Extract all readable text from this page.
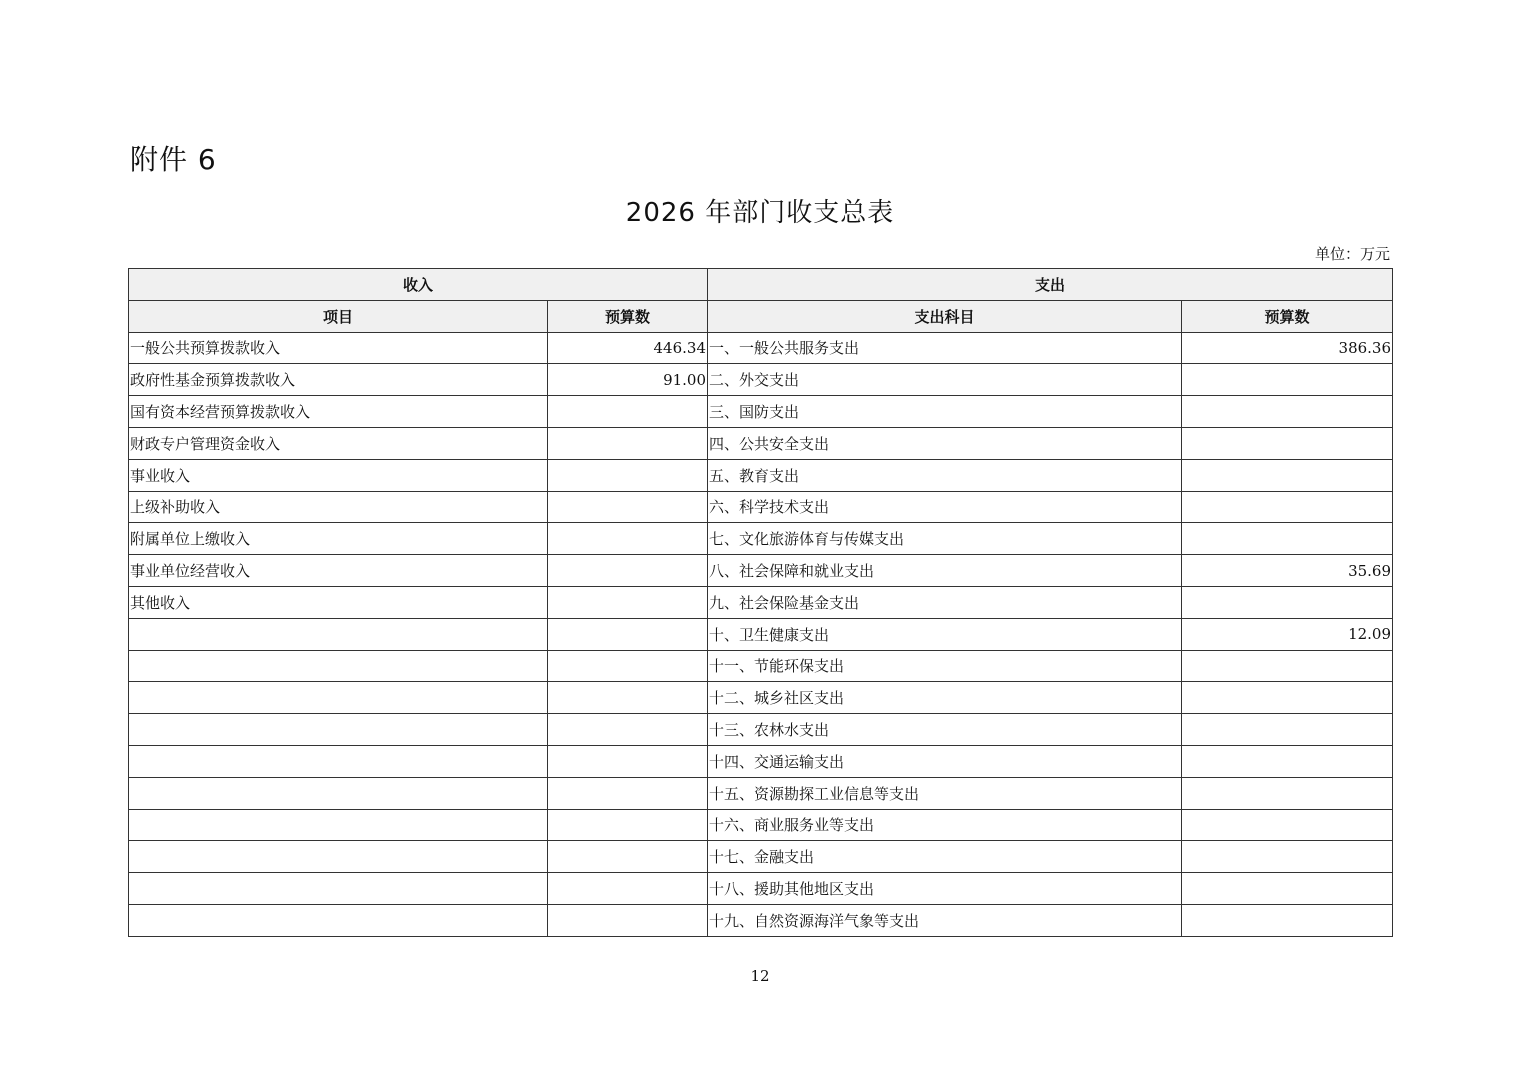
附件 6
2026 年部门收支总表
单位：万元
收入		支出	
项目	预算数	支出科目	预算数
一般公共预算拨款收入	446.34	一、一般公共服务支出	386.36
政府性基金预算拨款收入	91.00	二、外交支出	
国有资本经营预算拨款收入		三、国防支出	
财政专户管理资金收入		四、公共安全支出	
事业收入		五、教育支出	
上级补助收入		六、科学技术支出	
附属单位上缴收入		七、文化旅游体育与传媒支出	
事业单位经营收入		八、社会保障和就业支出	35.69
其他收入		九、社会保险基金支出	
		十、卫生健康支出	12.09
		十一、节能环保支出	
		十二、城乡社区支出	
		十三、农林水支出	
		十四、交通运输支出	
		十五、资源勘探工业信息等支出	
		十六、商业服务业等支出	
		十七、金融支出	
		十八、援助其他地区支出	
		十九、自然资源海洋气象等支出	
12
